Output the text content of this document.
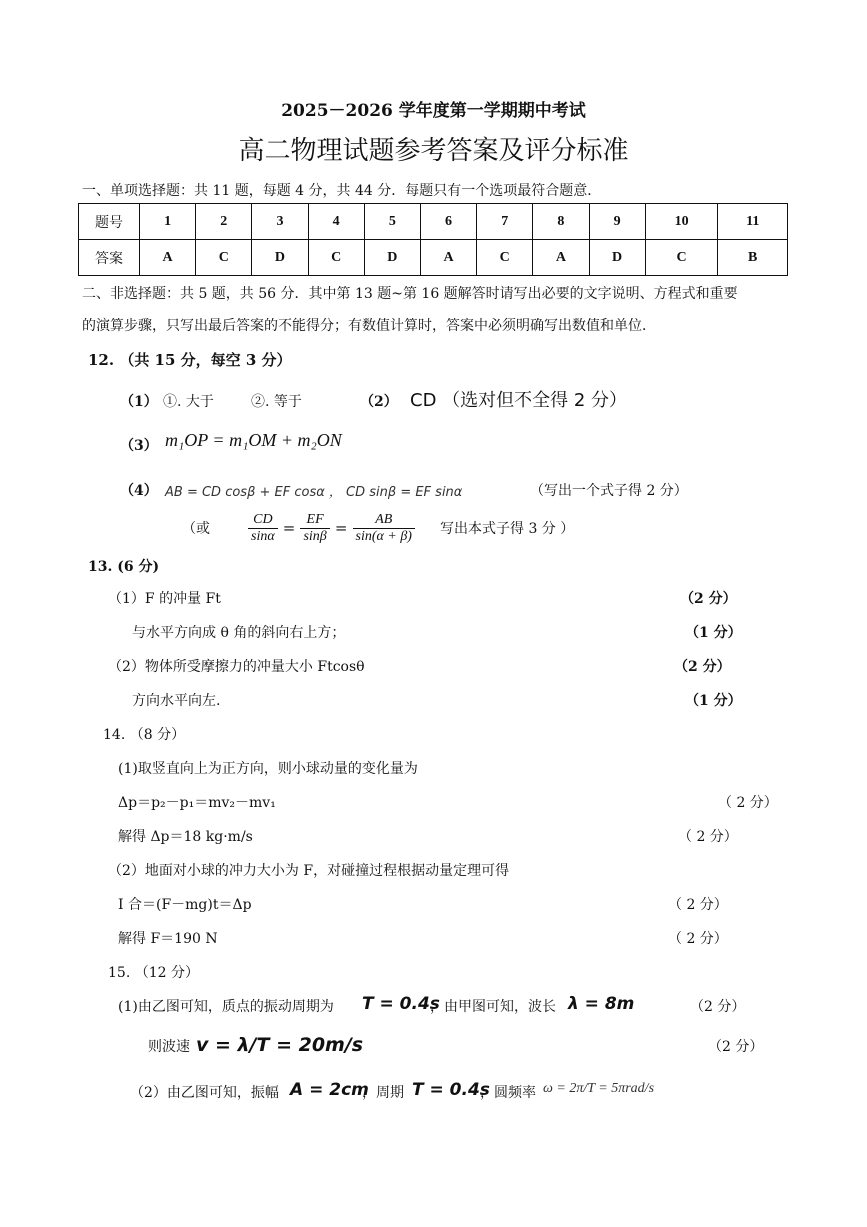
2025－2026 学年度第一学期期中考试
高二物理试题参考答案及评分标准
一、单项选择题：共 11 题，每题 4 分，共 44 分．每题只有一个选项最符合题意．
题号	1	2	3	4	5	6	7	8	9	10	11
答案	A	C	D	C	D	A	C	A	D	C	B
二、非选择题：共 5 题，共 56 分．其中第 13 题~第 16 题解答时请写出必要的文字说明、方程式和重要
的演算步骤，只写出最后答案的不能得分；有数值计算时，答案中必须明确写出数值和单位．
12. （共 15 分，每空 3 分）
（1） ①. 大于	②. 等于	（2） CD （选对但不全得 2 分）
（3） m₁OP = m₁OM + m₂ON
（4） AB = CD cosβ + EF cosα ， CD sinβ = EF sinα	（写出一个式子得 2 分）
（或	$\frac{CD}{\sin\alpha} = \frac{EF}{\sin\beta} = \frac{AB}{\sin(\alpha + \beta)}$ 写出本式子得 3 分 ）
13. (6 分)
（1）F 的冲量 Ft	（2 分）
与水平方向成 θ 角的斜向右上方；	（1 分）
（2）物体所受摩擦力的冲量大小 Ftcosθ	（2 分）
方向水平向左.	（1 分）
14. （8 分）
(1)取竖直向上为正方向，则小球动量的变化量为
Δp＝p₂－p₁＝mv₂－mv₁	（ 2 分）
解得 Δp＝18 kg·m/s	（ 2 分）
（2）地面对小球的冲力大小为 F，对碰撞过程根据动量定理可得
I 合＝(F－mg)t＝Δp	（ 2 分）
解得 F＝190 N	（ 2 分）
15. （12 分）
(1)由乙图可知，质点的振动周期为 T = 0.4s
，由甲图可知，波长 λ = 8m	（2 分）
则波速 v = λ/T = 20m/s	（2 分）
（2）由乙图可知，振幅 A = 2cm
，周期 T = 0.4s
，圆频率 ω = 2π/T = 5πrad/s
